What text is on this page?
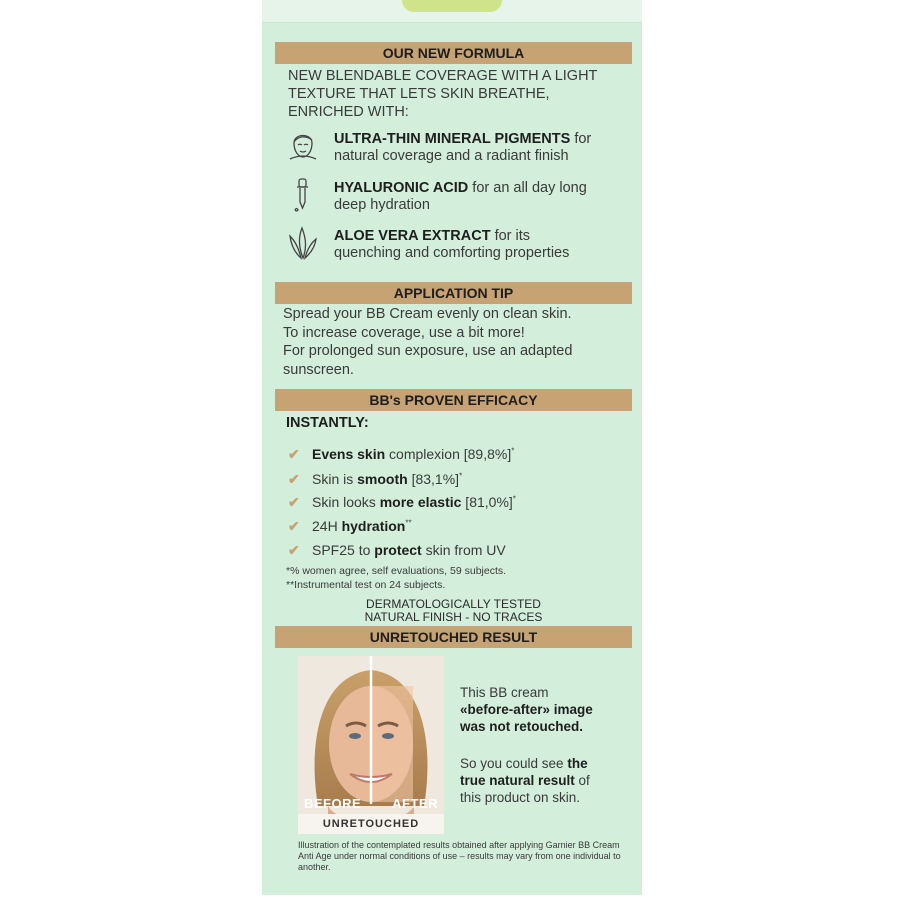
OUR NEW FORMULA
NEW BLENDABLE COVERAGE WITH A LIGHT
TEXTURE THAT LETS SKIN BREATHE,
ENRICHED WITH:
ULTRA-THIN MINERAL PIGMENTS for
natural coverage and a radiant finish
HYALURONIC ACID for an all day long
deep hydration
ALOE VERA EXTRACT for its
quenching and comforting properties
APPLICATION TIP
Spread your BB Cream evenly on clean skin.
To increase coverage, use a bit more!
For prolonged sun exposure, use an adapted
sunscreen.
BB's PROVEN EFFICACY
INSTANTLY:
✔ Evens skin complexion [89,8%]*
✔ Skin is smooth [83,1%]*
✔ Skin looks more elastic [81,0%]*
✔ 24H hydration**
✔ SPF25 to protect skin from UV
*% women agree, self evaluations, 59 subjects.
**Instrumental test on 24 subjects.
DERMATOLOGICALLY TESTED
NATURAL FINISH - NO TRACES
UNRETOUCHED RESULT
BEFORE AFTER
UNRETOUCHED
This BB cream
«before-after» image
was not retouched.
So you could see the
true natural result of
this product on skin.
Illustration of the contemplated results obtained after applying Garnier BB Cream Anti Age under normal conditions of use – results may vary from one individual to another.
